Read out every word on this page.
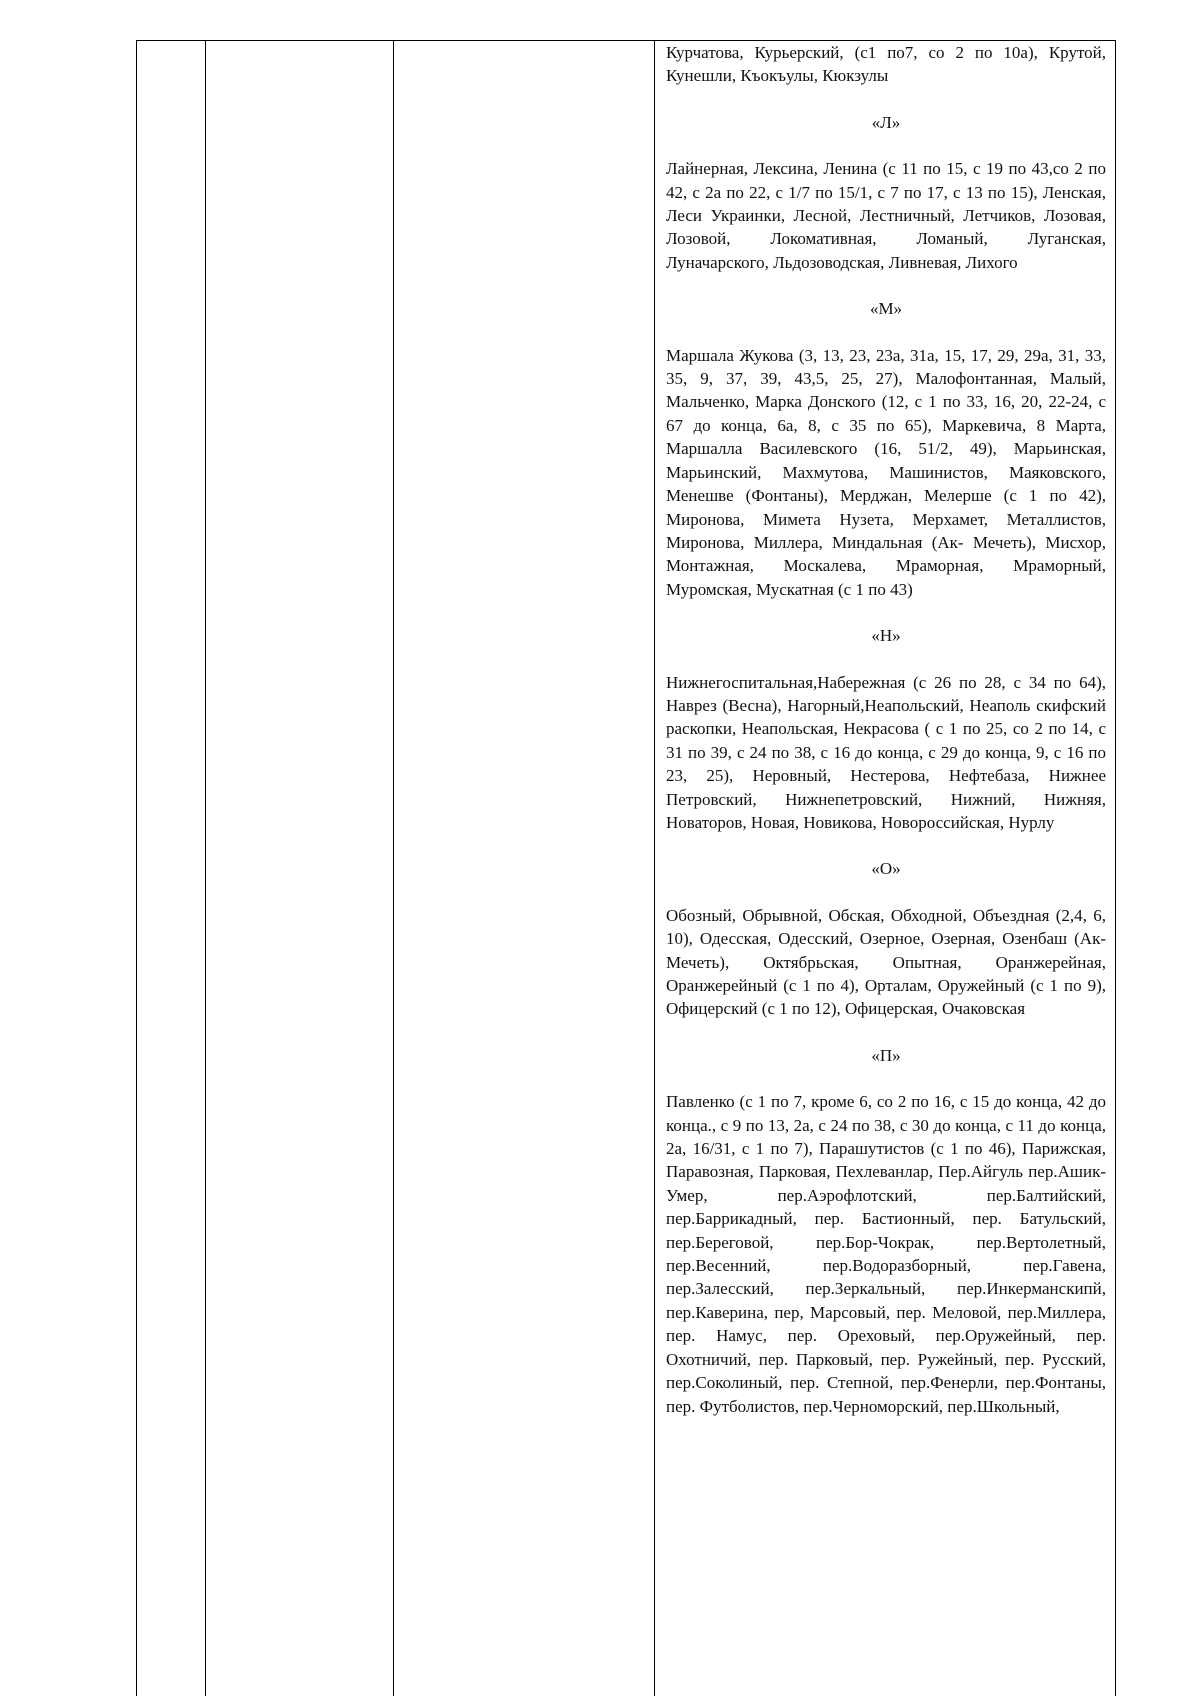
Курчатова, Курьерский, (с1 по7, со 2 по 10а), Крутой, Кунешли, Къокъулы, Кюкзулы

«Л»

Лайнерная, Лексина, Ленина (с 11 по 15, с 19 по 43,со 2 по 42, с 2а по 22, с 1/7 по 15/1, с 7 по 17, с 13 по 15), Ленская, Леси Украинки, Лесной, Лестничный, Летчиков, Лозовая, Лозовой, Локомативная, Ломаный, Луганская, Луначарского, Льдозоводская, Ливневая, Лихого

«М»

Маршала Жукова (3, 13, 23, 23а, 31а, 15, 17, 29, 29а, 31, 33, 35, 9, 37, 39, 43,5, 25, 27), Малофонтанная, Малый, Мальченко, Марка Донского (12, с 1 по 33, 16, 20, 22-24, с 67 до конца, 6а, 8, с 35 по 65), Маркевича, 8 Марта, Маршалла Василевского (16, 51/2, 49), Марьинская, Марьинский, Махмутова, Машинистов, Маяковского, Менешве (Фонтаны), Мерджан, Мелерше (с 1 по 42), Миронова, Мимета Нузета, Мерхамет, Металлистов, Миронова, Миллера, Миндальная (Ак- Мечеть), Мисхор, Монтажная, Москалева, Мраморная, Мраморный, Муромская, Мускатная (с 1 по 43)

«Н»

Нижнегоспитальная,Набережная (с 26 по 28, с 34 по 64), Наврез (Весна), Нагорный,Неапольский, Неаполь скифский раскопки, Неапольская, Некрасова ( с 1 по 25, со 2 по 14, с 31 по 39, с 24 по 38, с 16 до конца, с 29 до конца, 9, с 16 по 23, 25), Неровный, Нестерова, Нефтебаза, Нижнее Петровский, Нижнепетровский, Нижний, Нижняя, Новаторов, Новая, Новикова, Новороссийская, Нурлу

«О»

Обозный, Обрывной, Обская, Обходной, Объездная (2,4, 6, 10), Одесская, Одесский, Озерное, Озерная, Озенбаш (Ак-Мечеть), Октябрьская, Опытная, Оранжерейная, Оранжерейный (с 1 по 4), Орталам, Оружейный (с 1 по 9), Офицерский (с 1 по 12), Офицерская, Очаковская

«П»

Павленко (с 1 по 7, кроме 6, со 2 по 16, с 15 до конца, 42 до конца., с 9 по 13, 2а, с 24 по 38, с 30 до конца, с 11 до конца, 2а, 16/31, с 1 по 7), Парашутистов (с 1 по 46), Парижская, Паравозная, Парковая, Пехлеванлар, Пер.Айгуль пер.Ашик-Умер, пер.Аэрофлотский, пер.Балтийский, пер.Баррикадный, пер. Бастионный, пер. Батульский, пер.Береговой, пер.Бор-Чокрак, пер.Вертолетный, пер.Весенний, пер.Водоразборный, пер.Гавена, пер.Залесский, пер.Зеркальный, пер.Инкерманскипй, пер.Каверина, пер, Марсовый, пер. Меловой, пер.Миллера, пер. Намус, пер. Ореховый, пер.Оружейный, пер. Охотничий, пер. Парковый, пер. Ружейный, пер. Русский, пер.Соколиный, пер. Степной, пер.Фенерли, пер.Фонтаны, пер. Футболистов, пер.Черноморский, пер.Школьный,
